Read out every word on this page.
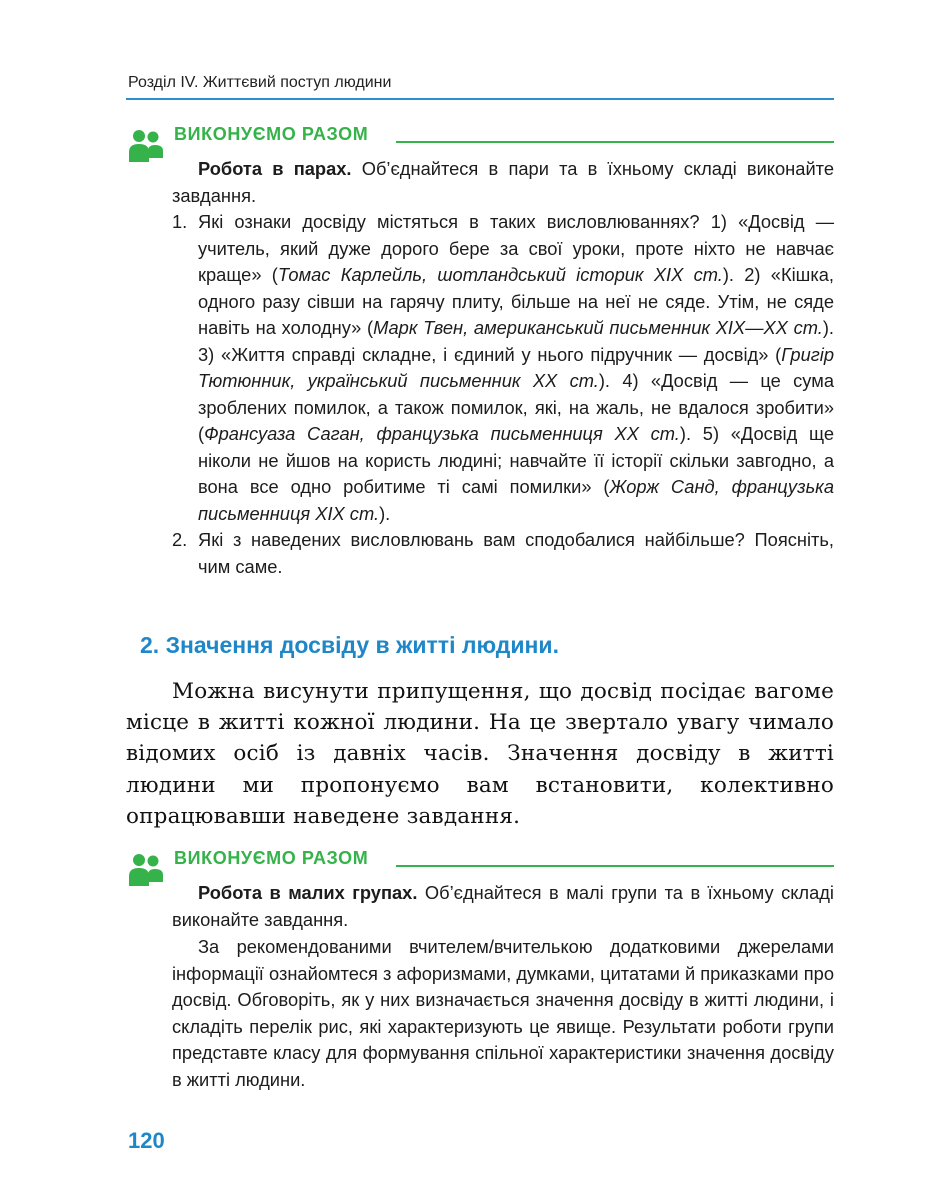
Розділ IV. Життєвий поступ людини
ВИКОНУЄМО РАЗОМ

Робота в парах. Об’єднайтеся в пари та в їхньому складі виконайте завдання.

1. Які ознаки досвіду містяться в таких висловлюваннях? 1) «Досвід — учитель, який дуже дорого бере за свої уроки, проте ніхто не навчає краще» (Томас Карлейль, шотландський історик XIX ст.). 2) «Кішка, одного разу сівши на гарячу плиту, більше на неї не сяде. Утім, не сяде навіть на холодну» (Марк Твен, американський письменник XIX—XX ст.). 3) «Життя справді складне, і єдиний у нього підручник — досвід» (Григір Тютюнник, український письменник XX ст.). 4) «Досвід — це сума зроблених помилок, а також помилок, які, на жаль, не вдалося зробити» (Франсуаза Саган, французька письменниця XX ст.). 5) «Досвід ще ніколи не йшов на користь людині; навчайте її історії скільки завгодно, а вона все одно робитиме ті самі помилки» (Жорж Санд, французька письменниця XIX ст.).

2. Які з наведених висловлювань вам сподобалися найбільше? Поясніть, чим саме.

2. Значення досвіду в житті людини.

Можна висунути припущення, що досвід посідає вагоме місце в житті кожної людини. На це звертало увагу чимало відомих осіб із давніх часів. Значення досвіду в житті людини ми пропонуємо вам встановити, колективно опрацювавши наведене завдання.

ВИКОНУЄМО РАЗОМ

Робота в малих групах. Об’єднайтеся в малі групи та в їхньому складі виконайте завдання.

За рекомендованими вчителем/вчителькою додатковими джерелами інформації ознайомтеся з афоризмами, думками, цитатами й приказками про досвід. Обговоріть, як у них визначається значення досвіду в житті людини, і складіть перелік рис, які характеризують це явище. Результати роботи групи представте класу для формування спільної характеристики значення досвіду в житті людини.

120
